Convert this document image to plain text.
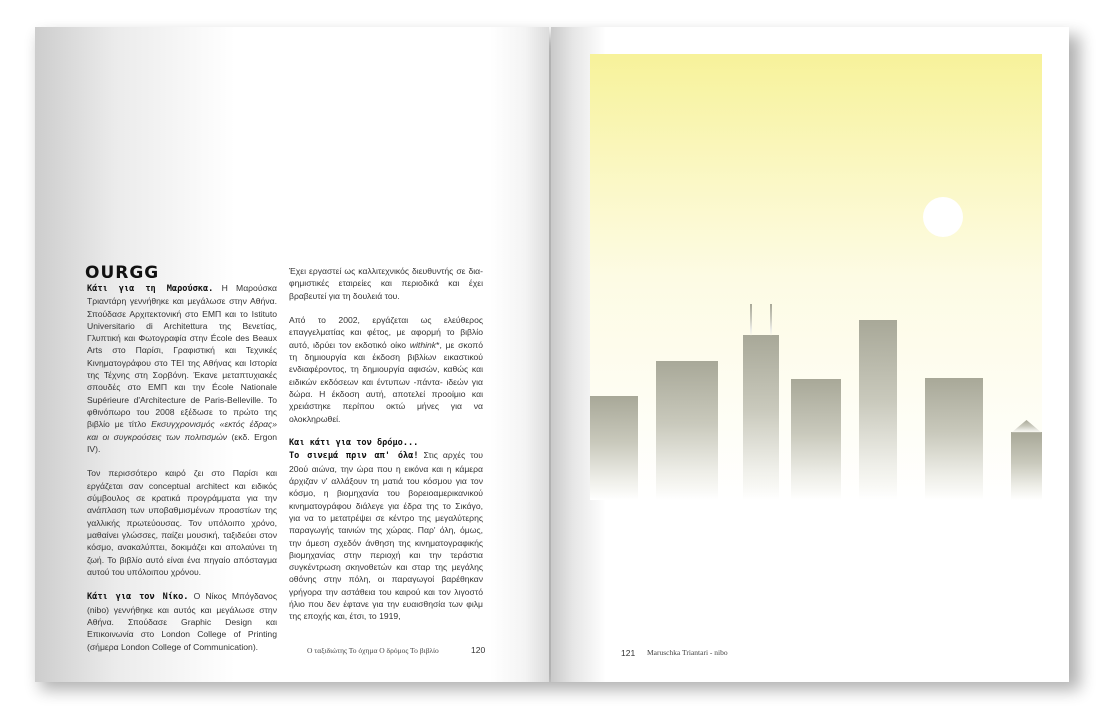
OURGG

Κάτι για τη Μαρούσκα. Η Μαρούσκα Τριαντάρη γεννήθηκε και μεγάλωσε στην Αθήνα. Σπούδασε Αρχιτεκτονική στο ΕΜΠ και το Istituto Universitario di Architettura της Βενετίας, Γλυπτική και Φωτογραφία στην École des Beaux Arts στο Παρίσι, Γραφιστική και Τεχνικές Κινηματογράφου στο ΤΕΙ της Αθήνας και Ιστορία της Τέχνης στη Σορβόνη. Έκανε μεταπτυχιακές σπουδές στο ΕΜΠ και την École Nationale Supérieure d'Architecture de Paris-Belleville. Το φθινόπωρο του 2008 εξέδωσε το πρώτο της βιβλίο με τίτλο Εκσυγχρονισμός «εκτός έδρας» και οι συγκρούσεις των πολιτισμών (εκδ. Ergon IV).

Τον περισσότερο καιρό ζει στο Παρίσι και εργάζεται σαν conceptual architect και ειδικός σύμβουλος σε κρατικά προγράμματα για την ανάπλαση των υποβαθμισμένων προαστίων της γαλλικής πρωτεύουσας. Τον υπόλοιπο χρόνο, μαθαίνει γλώσσες, παίζει μουσική, ταξιδεύει στον κόσμο, ανακαλύπτει, δοκιμάζει και απολαύνει τη ζωή. Το βιβλίο αυτό είναι ένα πηγαίο απόσταγμα αυτού του υπόλοιπου χρόνου.

Κάτι για τον Νίκο. Ο Νίκος Μπόγδανος (nibo) γεννήθηκε και αυτός και μεγάλωσε στην Αθήνα. Σπούδασε Graphic Design και Επικοινωνία στο London College of Printing (σήμερα London College of Communication).

Έχει εργαστεί ως καλλιτεχνικός διευθυντής σε δια-φημιστικές εταιρείες και περιοδικά και έχει βραβευτεί για τη δουλειά του.

Από το 2002, εργάζεται ως ελεύθερος επαγγελματίας και φέτος, με αφορμή το βιβλίο αυτό, ιδρύει τον εκδοτικό οίκο withink*, με σκοπό τη δημιουργία και έκδοση βιβλίων εικαστικού ενδιαφέροντος, τη δημιουργία αφισών, καθώς και ειδικών εκδόσεων και έντυπων -πάντα- ιδεών για δώρα. Η έκδοση αυτή, αποτελεί προοίμιο και χρειάστηκε περίπου οκτώ μήνες για να ολοκληρωθεί.

Και κάτι για τον δρόμο...
Το σινεμά πριν απ' όλα! Στις αρχές του 20ού αιώνα, την ώρα που η εικόνα και η κάμερα άρχιζαν ν' αλλάξουν τη ματιά του κόσμου για τον κόσμο, η βιομηχανία του βορειοαμερικανικού κινηματογράφου διάλεγε για έδρα της το Σικάγο, για να το μετατρέψει σε κέντρο της μεγαλύτερης παραγωγής ταινιών της χώρας. Παρ' όλη, όμως, την άμεση σχεδόν άνθηση της κινηματογραφικής βιομηχανίας στην περιοχή και την τεράστια συγκέντρωση σκηνοθετών και σταρ της μεγάλης οθόνης στην πόλη, οι παραγωγοί βαρέθηκαν γρήγορα την αστάθεια του καιρού και τον λιγοστό ήλιο που δεν έφτανε για την ευαισθησία των φιλμ της εποχής και, έτσι, το 1919,

Ο ταξιδιώτης Το όχημα Ο δρόμος Το βιβλίο	120	121 Maruschka Triantari - nibo
